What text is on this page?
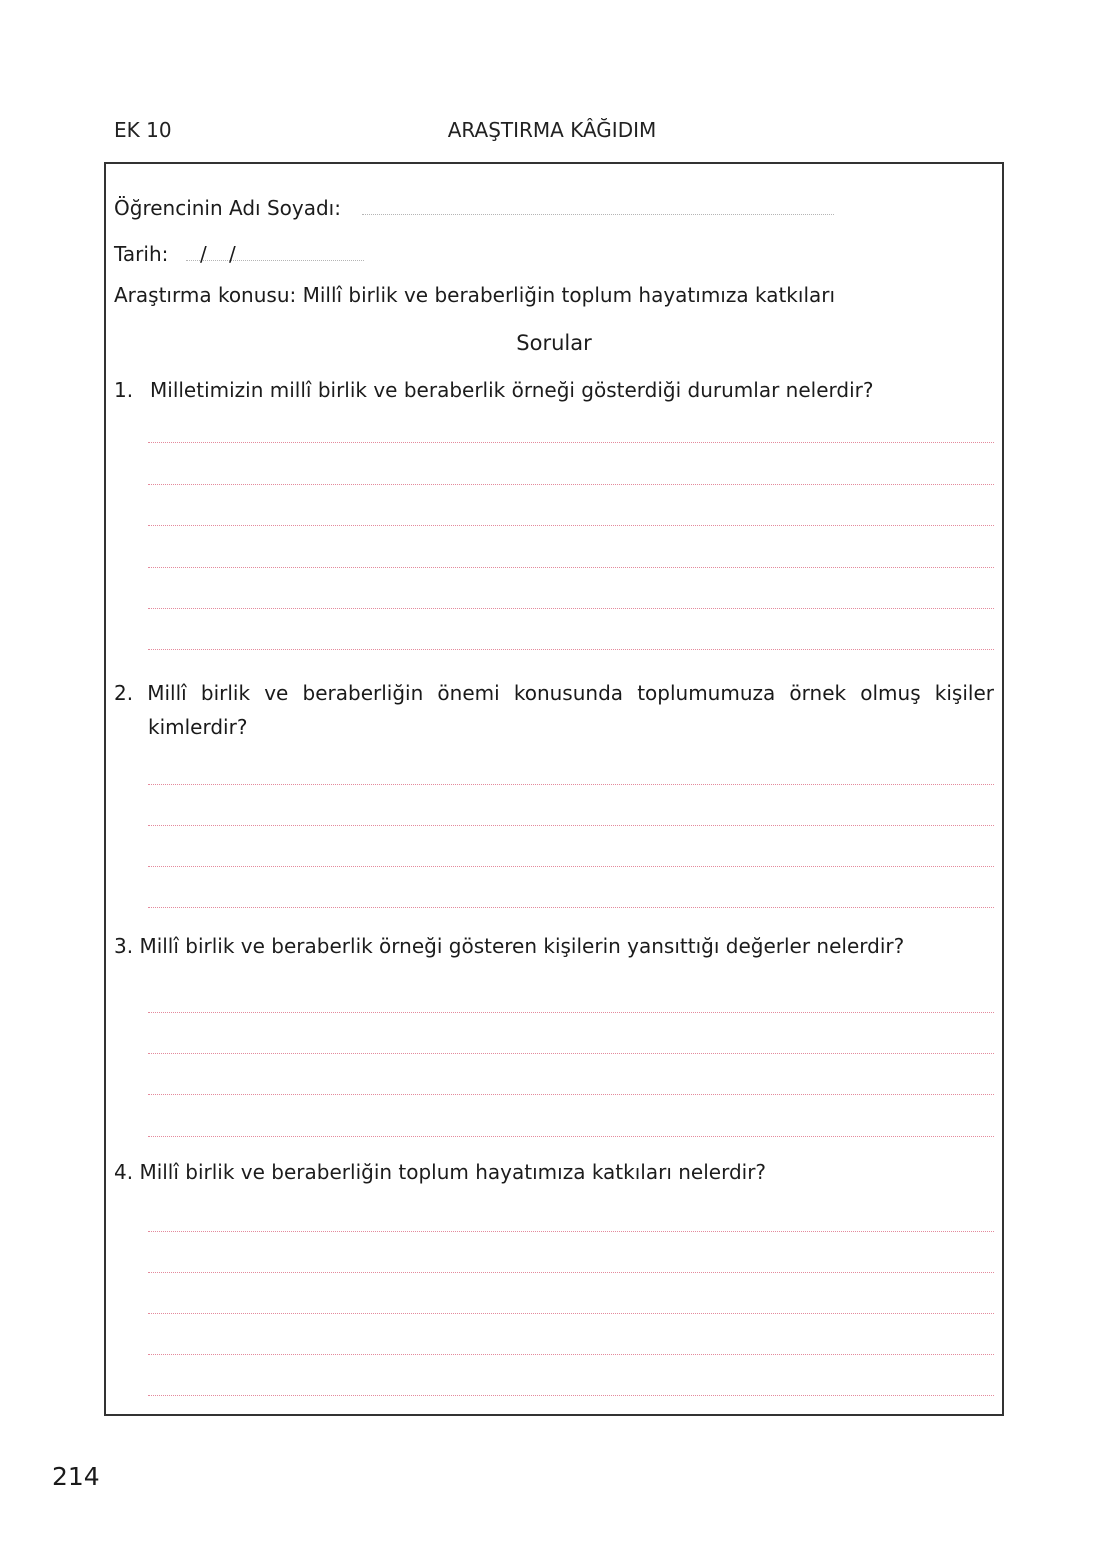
EK 10	ARAŞTIRMA KÂĞIDIM
Öğrencinin Adı Soyadı:
Tarih: / /
Araştırma konusu: Millî birlik ve beraberliğin toplum hayatımıza katkıları
Sorular
1. Milletimizin millî birlik ve beraberlik örneği gösterdiği durumlar nelerdir?
2. Millî birlik ve beraberliğin önemi konusunda toplumumuza örnek olmuş kişiler
kimlerdir?
3. Millî birlik ve beraberlik örneği gösteren kişilerin yansıttığı değerler nelerdir?
4. Millî birlik ve beraberliğin toplum hayatımıza katkıları nelerdir?
214
